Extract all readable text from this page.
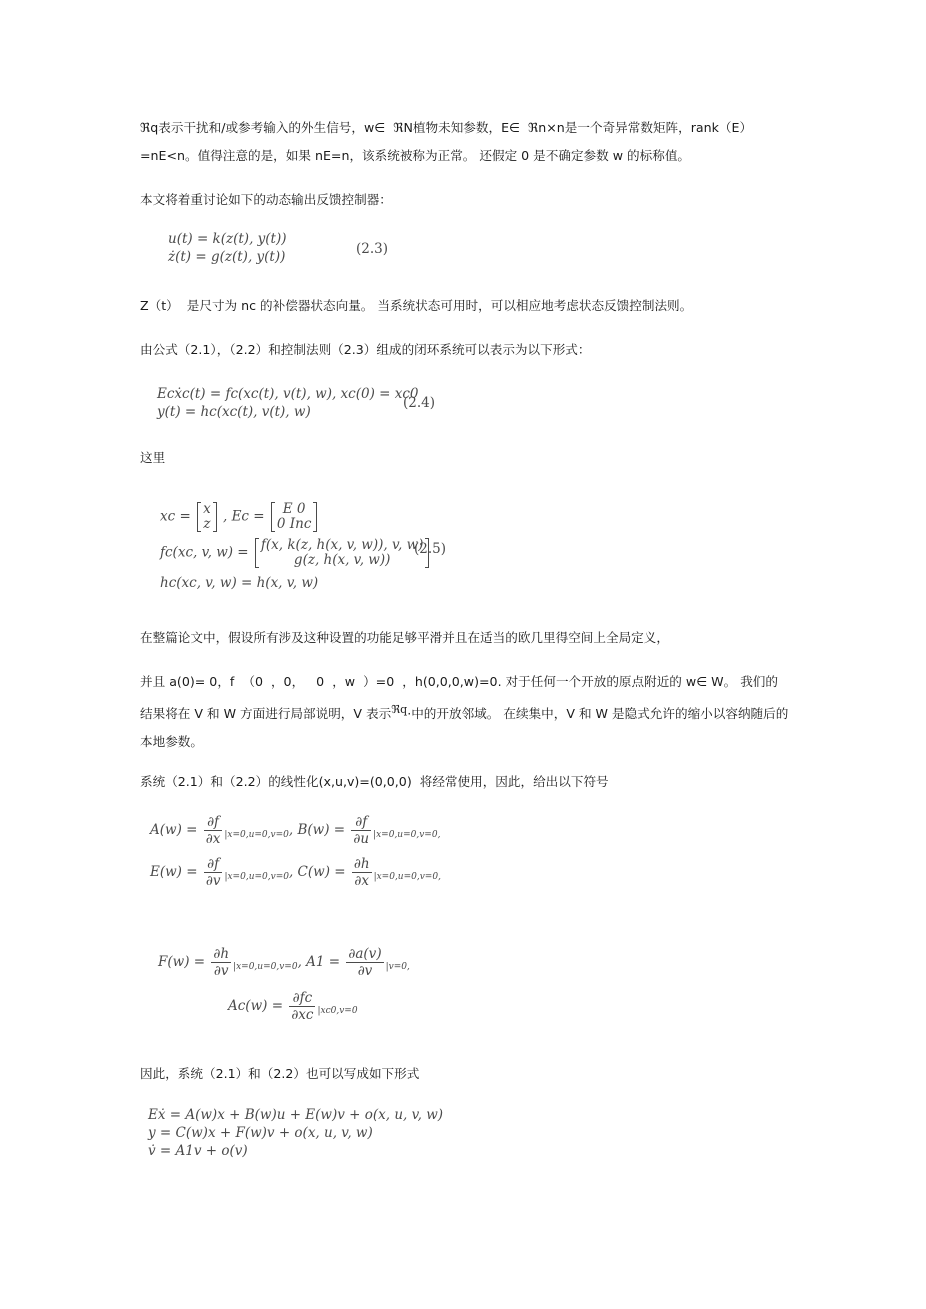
ℜq表示干扰和/或参考输入的外生信号，w∈  ℜN植物未知参数，E∈  ℜn×n是一个奇异常数矩阵，rank（E）=nE<n。值得注意的是，如果 nE=n，该系统被称为正常。 还假定 0 是不确定参数 w 的标称值。

本文将着重讨论如下的动态输出反馈控制器：

u(t) = k(z(t), y(t))
ż(t) = g(z(t), y(t))	(2.3)

Z（t）  是尺寸为 nc 的补偿器状态向量。 当系统状态可用时，可以相应地考虑状态反馈控制法则。

由公式（2.1），（2.2）和控制法则（2.3）组成的闭环系统可以表示为以下形式：

Ecẋc(t) = fc(xc(t), v(t), w), xc(0) = xc0
y(t) = hc(xc(t), v(t), w)
(2.4)

这里

xc = x
z , Ec =	E 0
0 Inc
fc(xc, v, w) = f(x, k(z, h(x, v, w)), v, w)
g(z, h(x, v, w))
hc(xc, v, w) = h(x, v, w)
(2.5)

在整篇论文中，假设所有涉及这种设置的功能足够平滑并且在适当的欧几里得空间上全局定义，

并且 a(0)= 0，f  （0  ，0，   0  ，w  ）=0  ，h(0,0,0,w)=0. 对于任何一个开放的原点附近的 w∈ W。 我们的结果将在 V 和 W 方面进行局部说明，V 表示ℜq·中的开放邻域。 在续集中，V 和 W 是隐式允许的缩小以容纳随后的本地参数。

系统（2.1）和（2.2）的线性化(x,u,v)=(0,0,0)  将经常使用，因此，给出以下符号

$A(w) = \frac{\partial f}{\partial x} _{|x=0,u=0,v=0}$, $B(w) = \frac{\partial f}{\partial u} _{|x=0,u=0,v=0,}$
$E(w) = \frac{\partial f}{\partial v} _{|x=0,u=0,v=0}$, $C(w) = \frac{\partial h}{\partial x} _{|x=0,u=0,v=0,}$
$F(w) = \frac{\partial h}{\partial v} _{|x=0,u=0,v=0}$, $A1 = \frac{\partial a(v)}{\partial v} _{|v=0,}$
$Ac(w) = \frac{\partial fc}{\partial xc} _{|xc0,v=0}$

因此，系统（2.1）和（2.2）也可以写成如下形式

Eẋ = A(w)x + B(w)u + E(w)v + o(x, u, v, w)
y = C(w)x + F(w)v + o(x, u, v, w)
v̇ = A1v + o(v)
